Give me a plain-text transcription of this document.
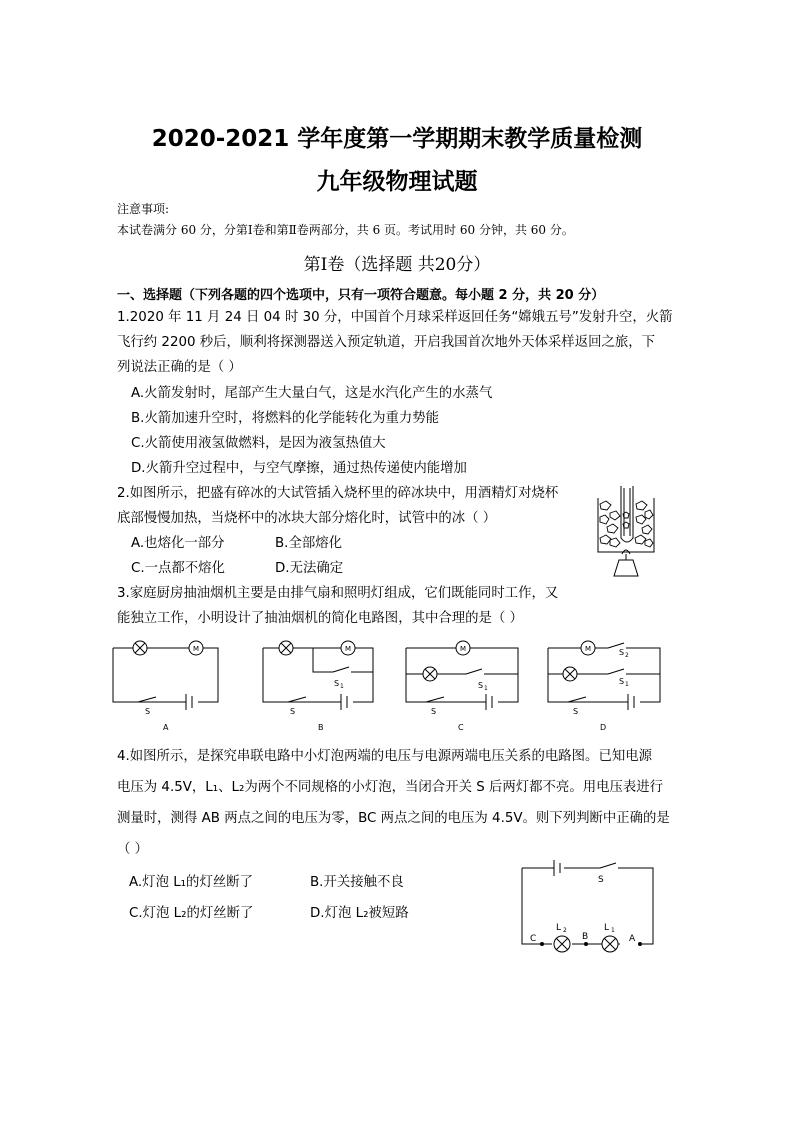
2020-2021 学年度第一学期期末教学质量检测
九年级物理试题
注意事项:
本试卷满分 60 分，分第Ⅰ卷和第Ⅱ卷两部分，共 6 页。考试用时 60 分钟，共 60 分。
第Ⅰ卷（选择题 共20分）
一、选择题（下列各题的四个选项中，只有一项符合题意。每小题 2 分，共 20 分）
1.2020 年 11 月 24 日 04 时 30 分，中国首个月球采样返回任务“嫦娥五号”发射升空，火箭
飞行约 2200 秒后，顺利将探测器送入预定轨道，开启我国首次地外天体采样返回之旅，下
列说法正确的是（ ）
A.火箭发射时，尾部产生大量白气，这是水汽化产生的水蒸气
B.火箭加速升空时，将燃料的化学能转化为重力势能
C.火箭使用液氢做燃料，是因为液氢热值大
D.火箭升空过程中，与空气摩擦，通过热传递使内能增加
2.如图所示，把盛有碎冰的大试管插入烧杯里的碎冰块中，用酒精灯对烧杯
底部慢慢加热，当烧杯中的冰块大部分熔化时，试管中的冰（ ）
A.也熔化一部分	B.全部熔化
C.一点都不熔化	D.无法确定
3.家庭厨房抽油烟机主要是由排气扇和照明灯组成，它们既能同时工作，又
能独立工作，小明设计了抽油烟机的简化电路图，其中合理的是（ ）
M	M	M	M
S	S	S	S
S 1	S 1
S 2
S 1
A	B	C	D
4.如图所示，是探究串联电路中小灯泡两端的电压与电源两端电压关系的电路图。已知电源
电压为 4.5V，L₁、L₂为两个不同规格的小灯泡，当闭合开关 S 后两灯都不亮。用电压表进行
测量时，测得 AB 两点之间的电压为零，BC 两点之间的电压为 4.5V。则下列判断中正确的是
（ ）
A.灯泡 L₁的灯丝断了	B.开关接触不良
C.灯泡 L₂的灯丝断了	D.灯泡 L₂被短路
S
L 2	L 1
C	B	A
